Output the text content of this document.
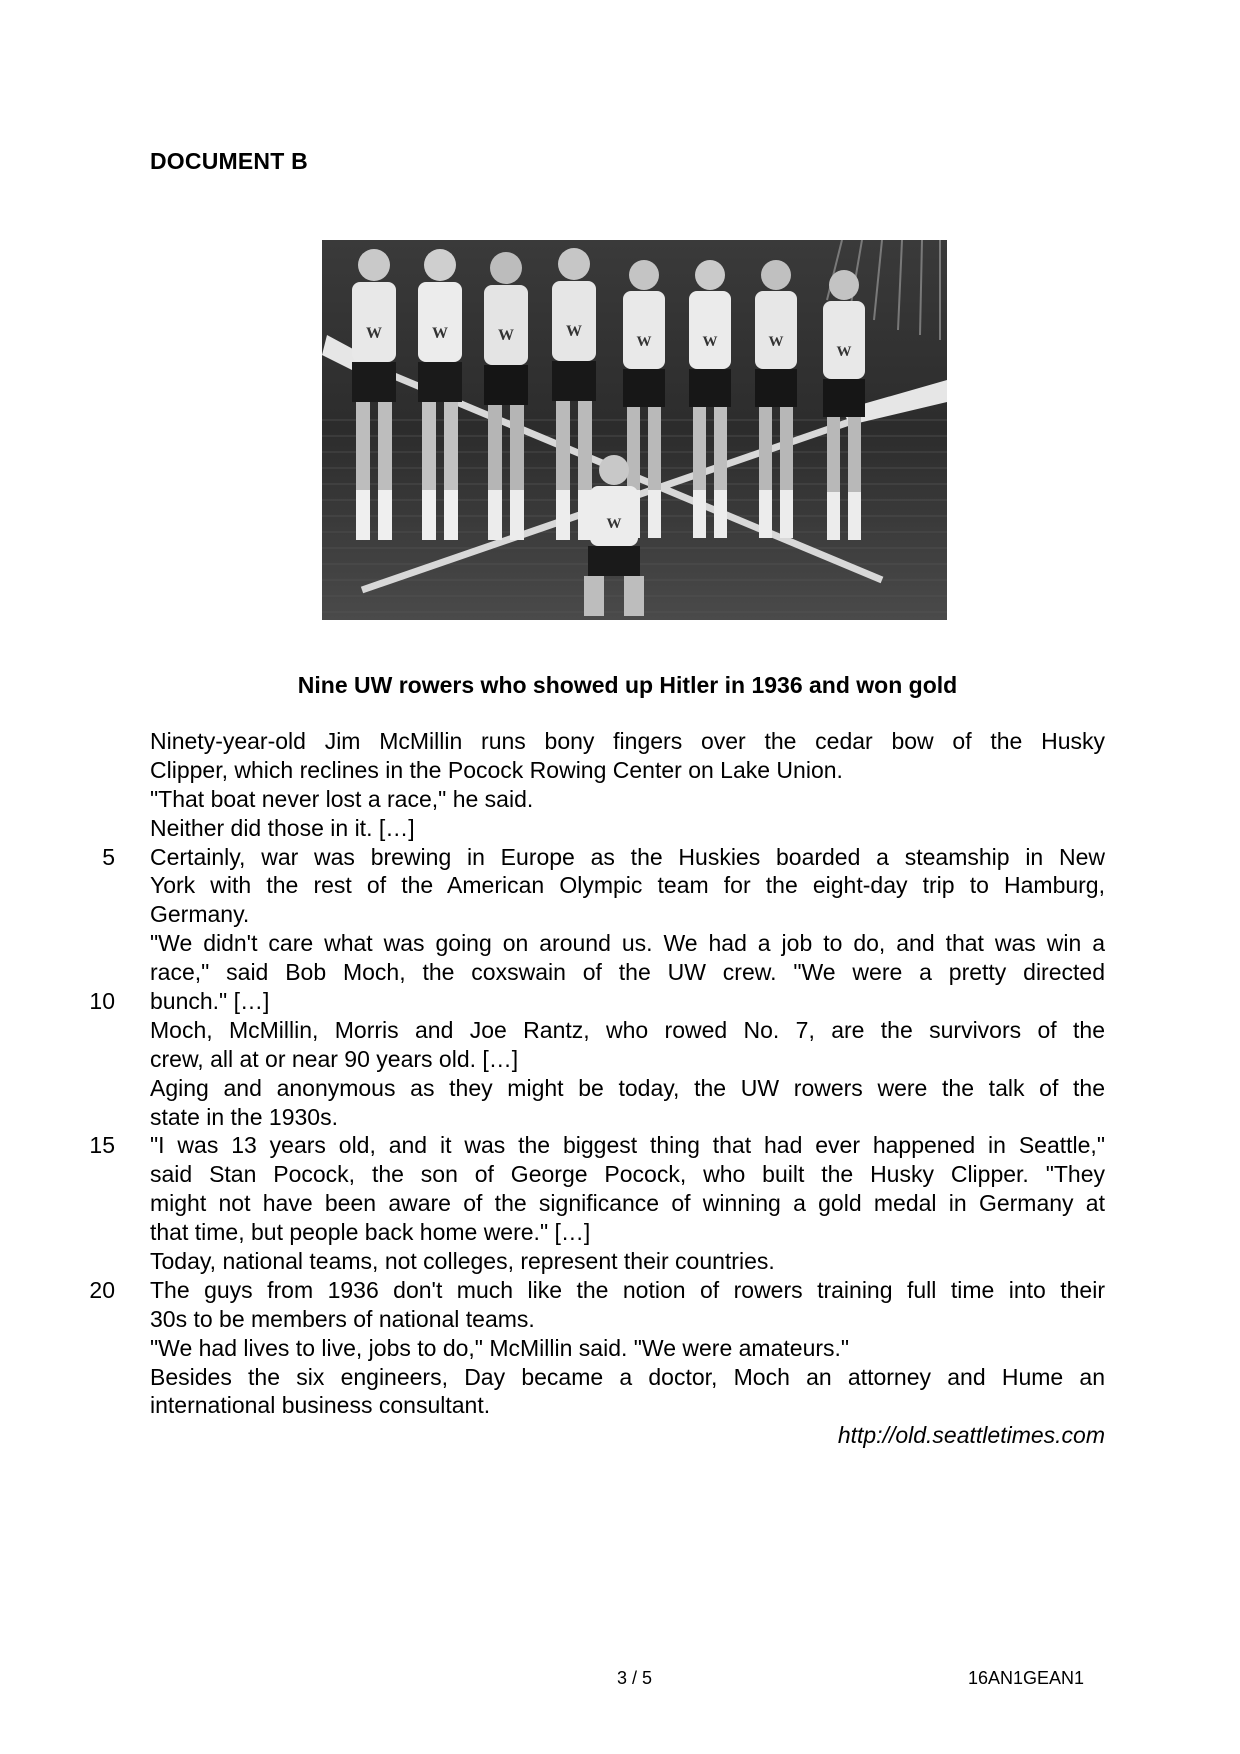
DOCUMENT B
W	W	W	W
W	W	W
W
W
Nine UW rowers who showed up Hitler in 1936 and won gold
Ninety-year-old Jim McMillin runs bony fingers over the cedar bow of the Husky
Clipper, which reclines in the Pocock Rowing Center on Lake Union.
"That boat never lost a race," he said.
Neither did those in it. […]
5 Certainly, war was brewing in Europe as the Huskies boarded a steamship in New
York with the rest of the American Olympic team for the eight-day trip to Hamburg,
Germany.
"We didn't care what was going on around us. We had a job to do, and that was win a
race," said Bob Moch, the coxswain of the UW crew. "We were a pretty directed
10 bunch." […]
Moch, McMillin, Morris and Joe Rantz, who rowed No. 7, are the survivors of the
crew, all at or near 90 years old. […]
Aging and anonymous as they might be today, the UW rowers were the talk of the
state in the 1930s.
15 "I was 13 years old, and it was the biggest thing that had ever happened in Seattle,"
said Stan Pocock, the son of George Pocock, who built the Husky Clipper. "They
might not have been aware of the significance of winning a gold medal in Germany at
that time, but people back home were." […]
Today, national teams, not colleges, represent their countries.
20 The guys from 1936 don't much like the notion of rowers training full time into their
30s to be members of national teams.
"We had lives to live, jobs to do," McMillin said. "We were amateurs."
Besides the six engineers, Day became a doctor, Moch an attorney and Hume an
international business consultant.
http://old.seattletimes.com
3 / 5	16AN1GEAN1
